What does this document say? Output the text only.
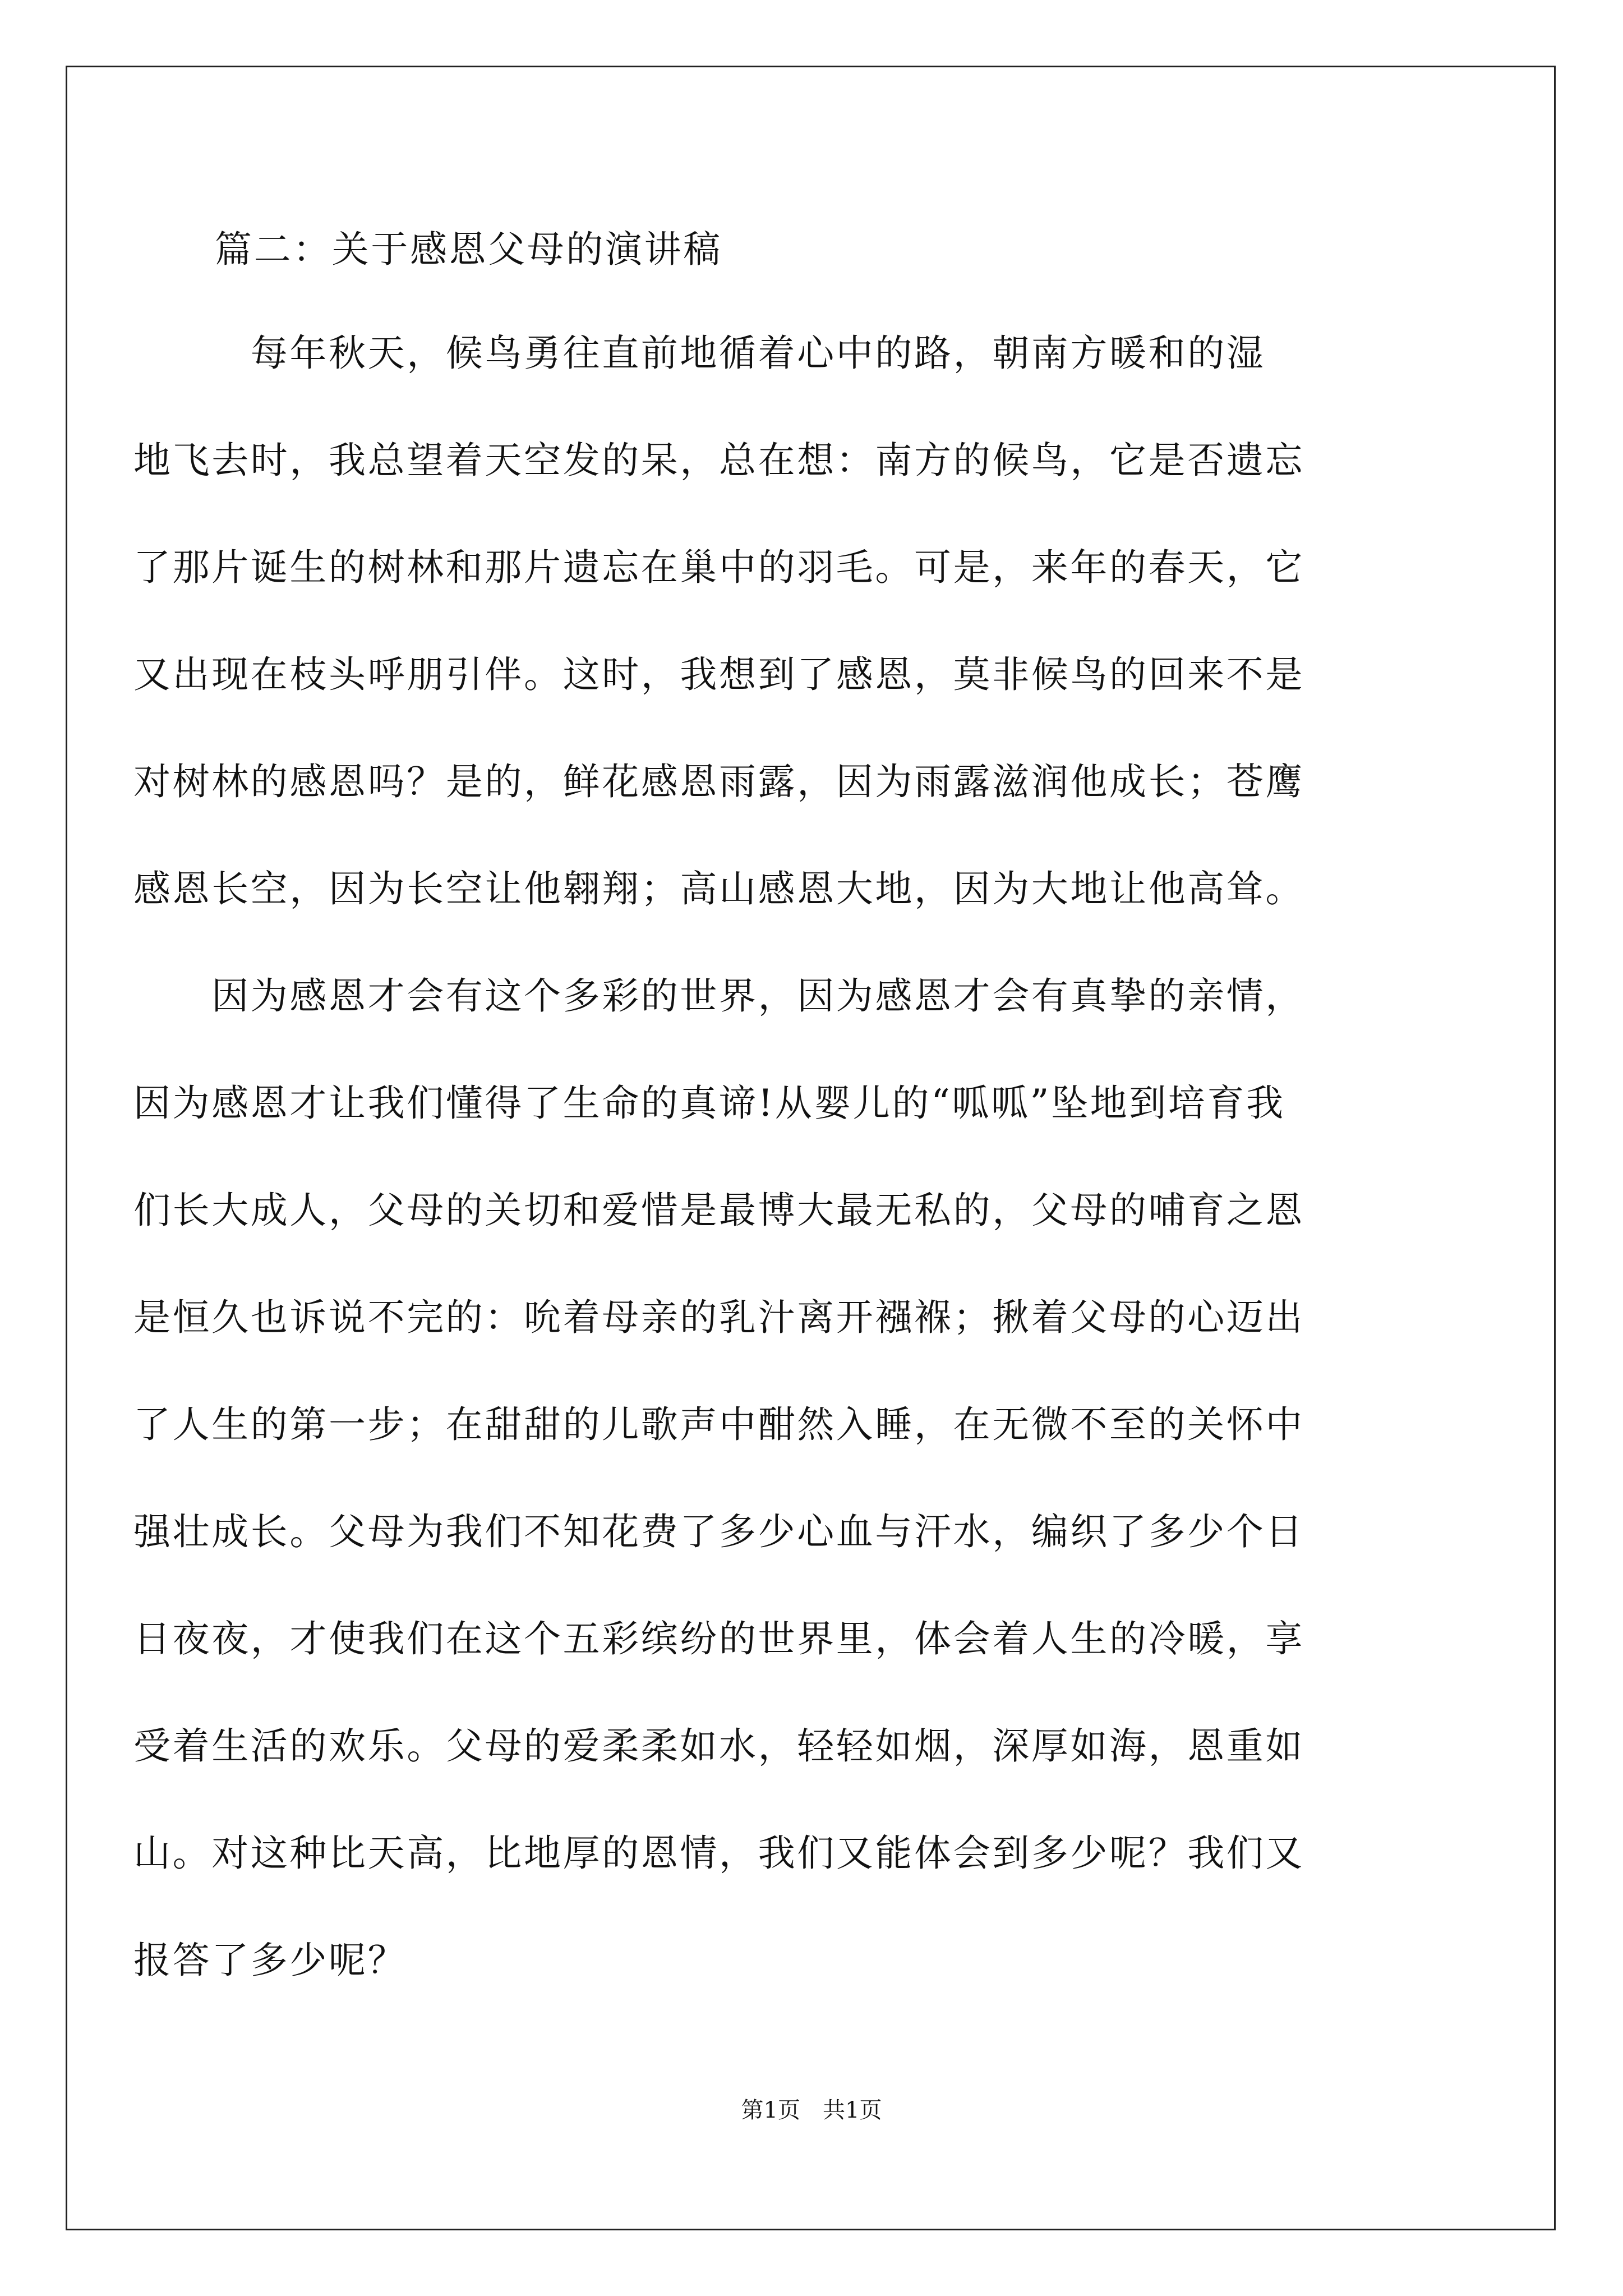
篇二：关于感恩父母的演讲稿
　　　每年秋天，候鸟勇往直前地循着心中的路，朝南方暖和的湿
地飞去时，我总望着天空发的呆，总在想：南方的候鸟，它是否遗忘
了那片诞生的树林和那片遗忘在巢中的羽毛。可是，来年的春天，它
又出现在枝头呼朋引伴。这时，我想到了感恩，莫非候鸟的回来不是
对树林的感恩吗？是的，鲜花感恩雨露，因为雨露滋润他成长；苍鹰
感恩长空，因为长空让他翱翔；高山感恩大地，因为大地让他高耸。
　　因为感恩才会有这个多彩的世界，因为感恩才会有真挚的亲情，
因为感恩才让我们懂得了生命的真谛!从婴儿的“呱呱”坠地到培育我
们长大成人，父母的关切和爱惜是最博大最无私的，父母的哺育之恩
是恒久也诉说不完的：吮着母亲的乳汁离开襁褓；揪着父母的心迈出
了人生的第一步；在甜甜的儿歌声中酣然入睡，在无微不至的关怀中
强壮成长。父母为我们不知花费了多少心血与汗水，编织了多少个日
日夜夜，才使我们在这个五彩缤纷的世界里，体会着人生的冷暖，享
受着生活的欢乐。父母的爱柔柔如水，轻轻如烟，深厚如海，恩重如
山。对这种比天高，比地厚的恩情，我们又能体会到多少呢？我们又
报答了多少呢？
第1页　共1页
